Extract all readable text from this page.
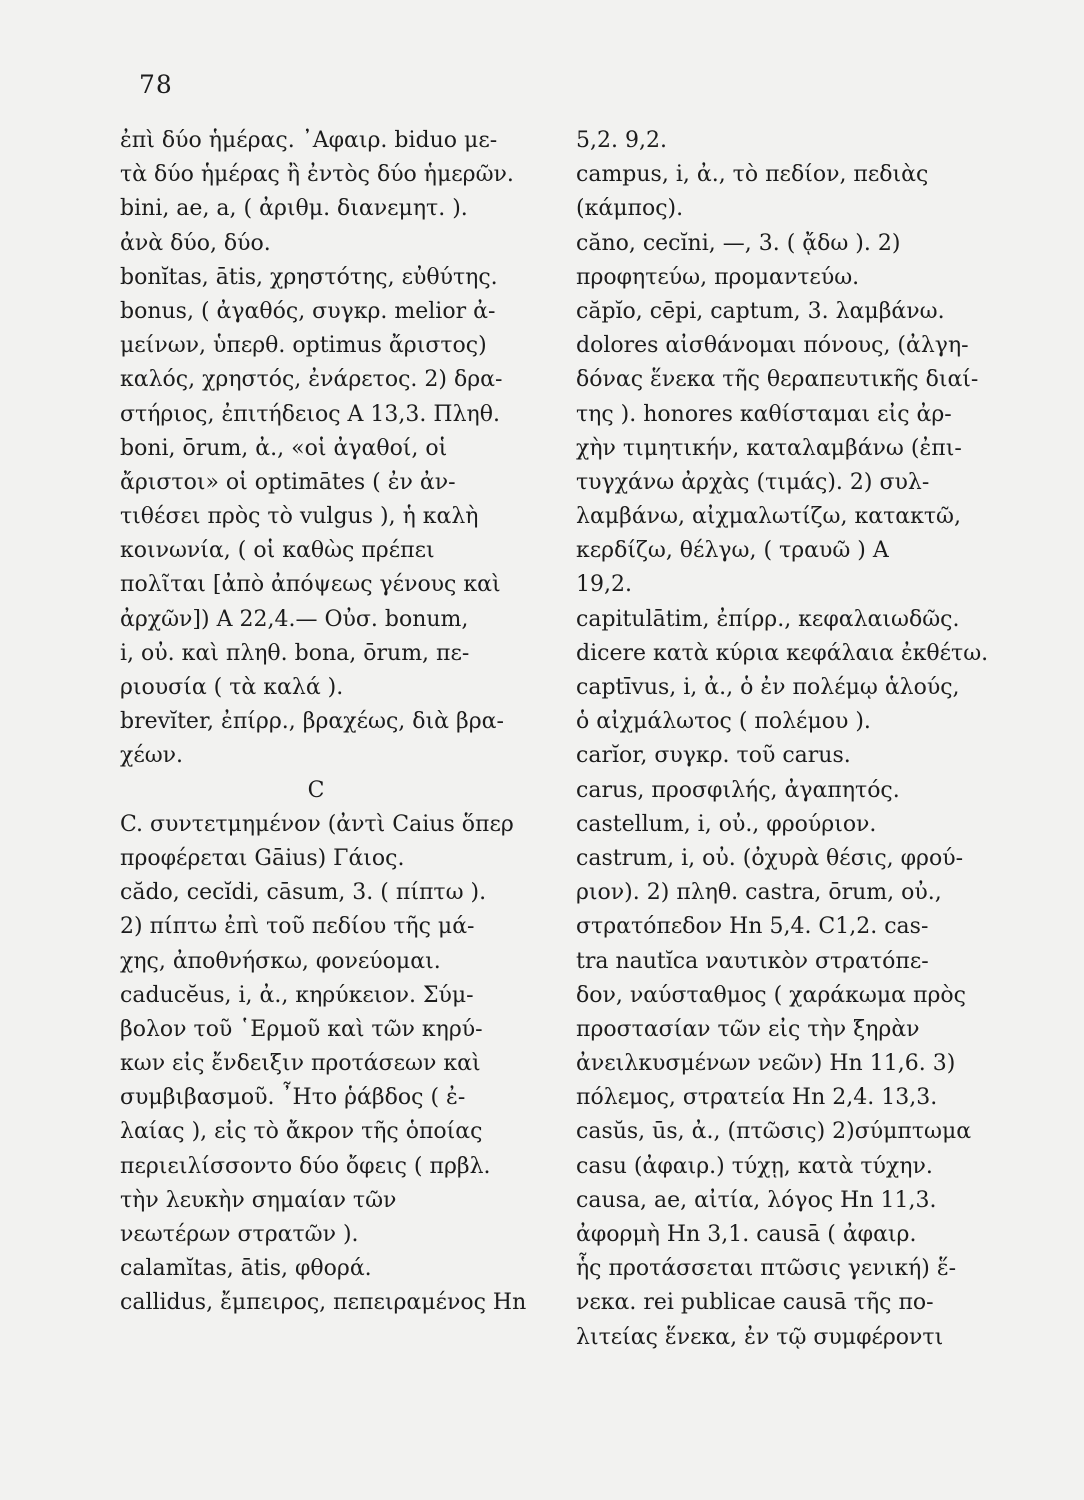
78
ἐπὶ δύο ἡμέρας. ᾿Αφαιρ. biduo με-
τὰ δύο ἡμέρας ἢ ἐντὸς δύο ἡμερῶν.
bini, ae, a, ( ἀριθμ. διανεμητ. ).
ἀνὰ δύο, δύο.
bonĭtas, ātis, χρηστότης, εὐθύτης.
bonus, ( ἀγαθός, συγκρ. melior ἀ-
μείνων, ὑπερθ. optimus ἄριστος)
καλός, χρηστός, ἐνάρετος. 2) δρα-
στήριος, ἐπιτήδειος A 13,3. Πληθ.
boni, ōrum, ἀ., «οἱ ἀγαθοί, οἱ
ἄριστοι» οἱ optimātes ( ἐν ἀν-
τιθέσει πρὸς τὸ vulgus ), ἡ καλὴ
κοινωνία, ( οἱ καθὼς πρέπει
πολῖται [ἀπὸ ἀπόψεως γένους καὶ
ἀρχῶν]) A 22,4.— Οὐσ. bonum,
i, οὐ. καὶ πληθ. bona, ōrum, πε-
ριουσία ( τὰ καλά ).
brevĭter, ἐπίρρ., βραχέως, διὰ βρα-
χέων.
C
C. συντετμημένον (ἀντὶ Caius ὅπερ
προφέρεται Gāius) Γάιος.
cădo, cecĭdi, cāsum, 3. ( πίπτω ).
2) πίπτω ἐπὶ τοῦ πεδίου τῆς μά-
χης, ἀποθνήσκω, φονεύομαι.
caducĕus, i, ἀ., κηρύκειον. Σύμ-
βολον τοῦ ῾Ερμοῦ καὶ τῶν κηρύ-
κων εἰς ἔνδειξιν προτάσεων καὶ
συμβιβασμοῦ. ῏Ητο ῥάβδος ( ἐ-
λαίας ), εἰς τὸ ἄκρον τῆς ὁποίας
περιειλίσσοντο δύο ὄφεις ( πρβλ.
τὴν λευκὴν σημαίαν τῶν
νεωτέρων στρατῶν ).
calamĭtas, ātis, φθορά.
callidus, ἔμπειρος, πεπειραμένος Hn
5,2. 9,2.
campus, i, ἀ., τὸ πεδίον, πεδιὰς
(κάμπος).
căno, cecĭni, —, 3. ( ᾄδω ). 2)
προφητεύω, προμαντεύω.
căpĭo, cēpi, captum, 3. λαμβάνω.
dolores αἰσθάνομαι πόνους, (ἀλγη-
δόνας ἕνεκα τῆς θεραπευτικῆς διαί-
της ). honores καθίσταμαι εἰς ἀρ-
χὴν τιμητικήν, καταλαμβάνω (ἐπι-
τυγχάνω ἀρχὰς (τιμάς). 2) συλ-
λαμβάνω, αἰχμαλωτίζω, κατακτῶ,
κερδίζω, θέλγω, ( τραυῶ ) A
19,2.
capitulātim, ἐπίρρ., κεφαλαιωδῶς.
dicere κατὰ κύρια κεφάλαια ἐκθέτω.
captīvus, i, ἀ., ὁ ἐν πολέμῳ ἁλούς,
ὁ αἰχμάλωτος ( πολέμου ).
carĭor, συγκρ. τοῦ carus.
carus, προσφιλής, ἀγαπητός.
castellum, i, οὐ., φρούριον.
castrum, i, οὐ. (ὀχυρὰ θέσις, φρού-
ριον). 2) πληθ. castra, ōrum, οὐ.,
στρατόπεδον Hn 5,4. C1,2. cas-
tra nautĭca ναυτικὸν στρατόπε-
δον, ναύσταθμος ( χαράκωμα πρὸς
προστασίαν τῶν εἰς τὴν ξηρὰν
ἀνειλκυσμένων νεῶν) Hn 11,6. 3)
πόλεμος, στρατεία Hn 2,4. 13,3.
casŭs, ūs, ἀ., (πτῶσις) 2)σύμπτωμα
casu (ἀφαιρ.) τύχῃ, κατὰ τύχην.
causa, ae, αἰτία, λόγος Hn 11,3.
ἀφορμὴ Hn 3,1. causā ( ἀφαιρ.
ἧς προτάσσεται πτῶσις γενική) ἕ-
νεκα. rei publicae causā τῆς πο-
λιτείας ἕνεκα, ἐν τῷ συμφέροντι
